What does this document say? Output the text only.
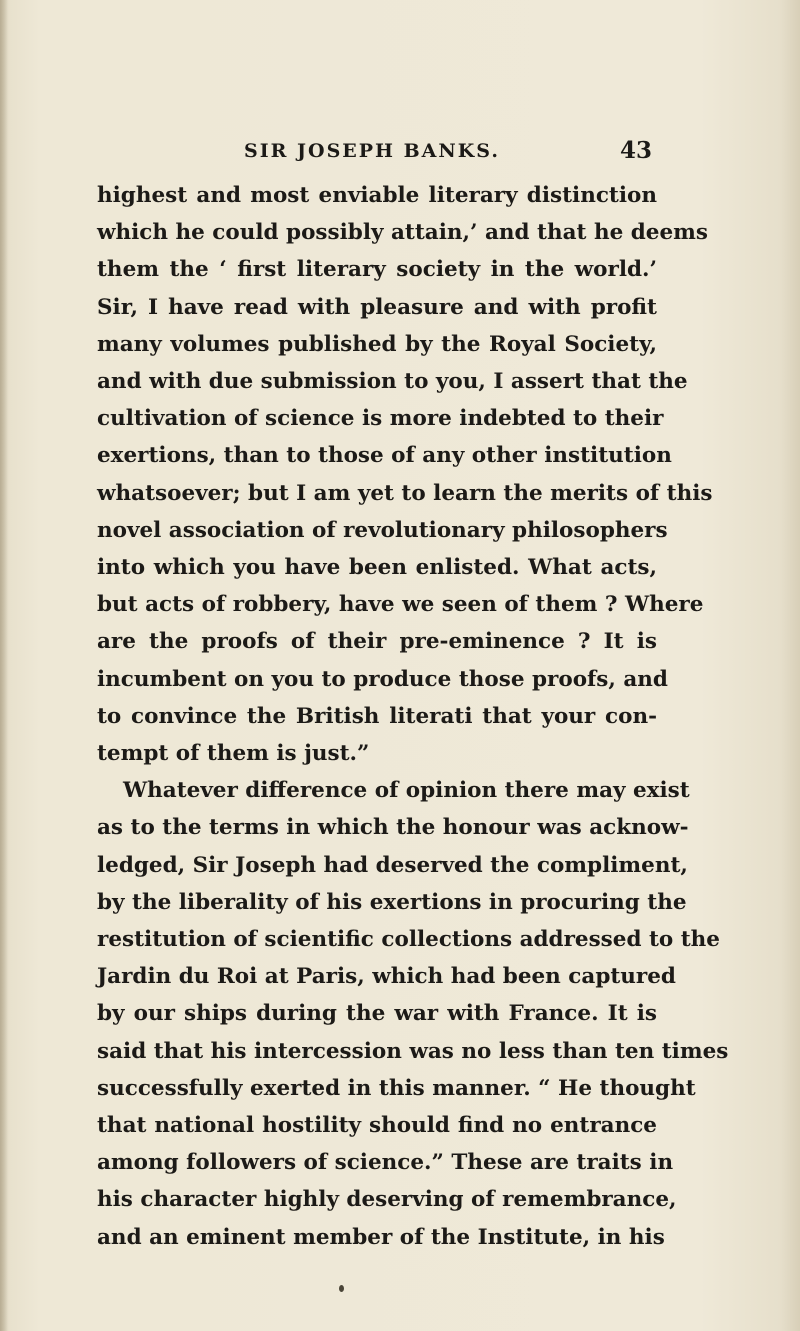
SIR JOSEPH BANKS.	43
highest and most enviable literary distinction
which he could possibly attain,’ and that he deems
them the ‘ first literary society in the world.’
Sir, I have read with pleasure and with profit
many volumes published by the Royal Society,
and with due submission to you, I assert that the
cultivation of science is more indebted to their
exertions, than to those of any other institution
whatsoever; but I am yet to learn the merits of this
novel association of revolutionary philosophers
into which you have been enlisted. What acts,
but acts of robbery, have we seen of them ? Where
are the proofs of their pre-eminence ? It is
incumbent on you to produce those proofs, and
to convince the British literati that your con-
tempt of them is just.”
Whatever difference of opinion there may exist
as to the terms in which the honour was acknow-
ledged, Sir Joseph had deserved the compliment,
by the liberality of his exertions in procuring the
restitution of scientific collections addressed to the
Jardin du Roi at Paris, which had been captured
by our ships during the war with France. It is
said that his intercession was no less than ten times
successfully exerted in this manner. “ He thought
that national hostility should find no entrance
among followers of science.” These are traits in
his character highly deserving of remembrance,
and an eminent member of the Institute, in his
